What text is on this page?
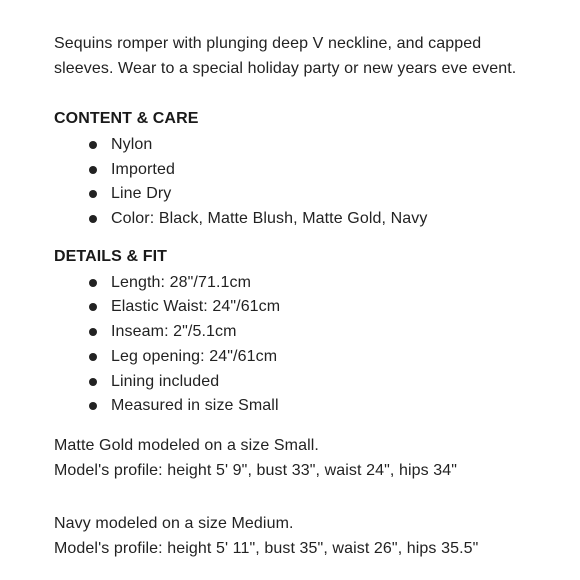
Sequins romper with plunging deep V neckline, and capped
sleeves. Wear to a special holiday party or new years eve event.

CONTENT & CARE
Nylon
Imported
Line Dry
Color: Black, Matte Blush, Matte Gold, Navy
DETAILS & FIT
Length: 28"/71.1cm
Elastic Waist: 24"/61cm
Inseam: 2"/5.1cm
Leg opening: 24"/61cm
Lining included
Measured in size Small

Matte Gold modeled on a size Small.
Model's profile: height 5' 9", bust 33", waist 24", hips 34"

Navy modeled on a size Medium.
Model's profile: height 5' 11", bust 35", waist 26", hips 35.5"
